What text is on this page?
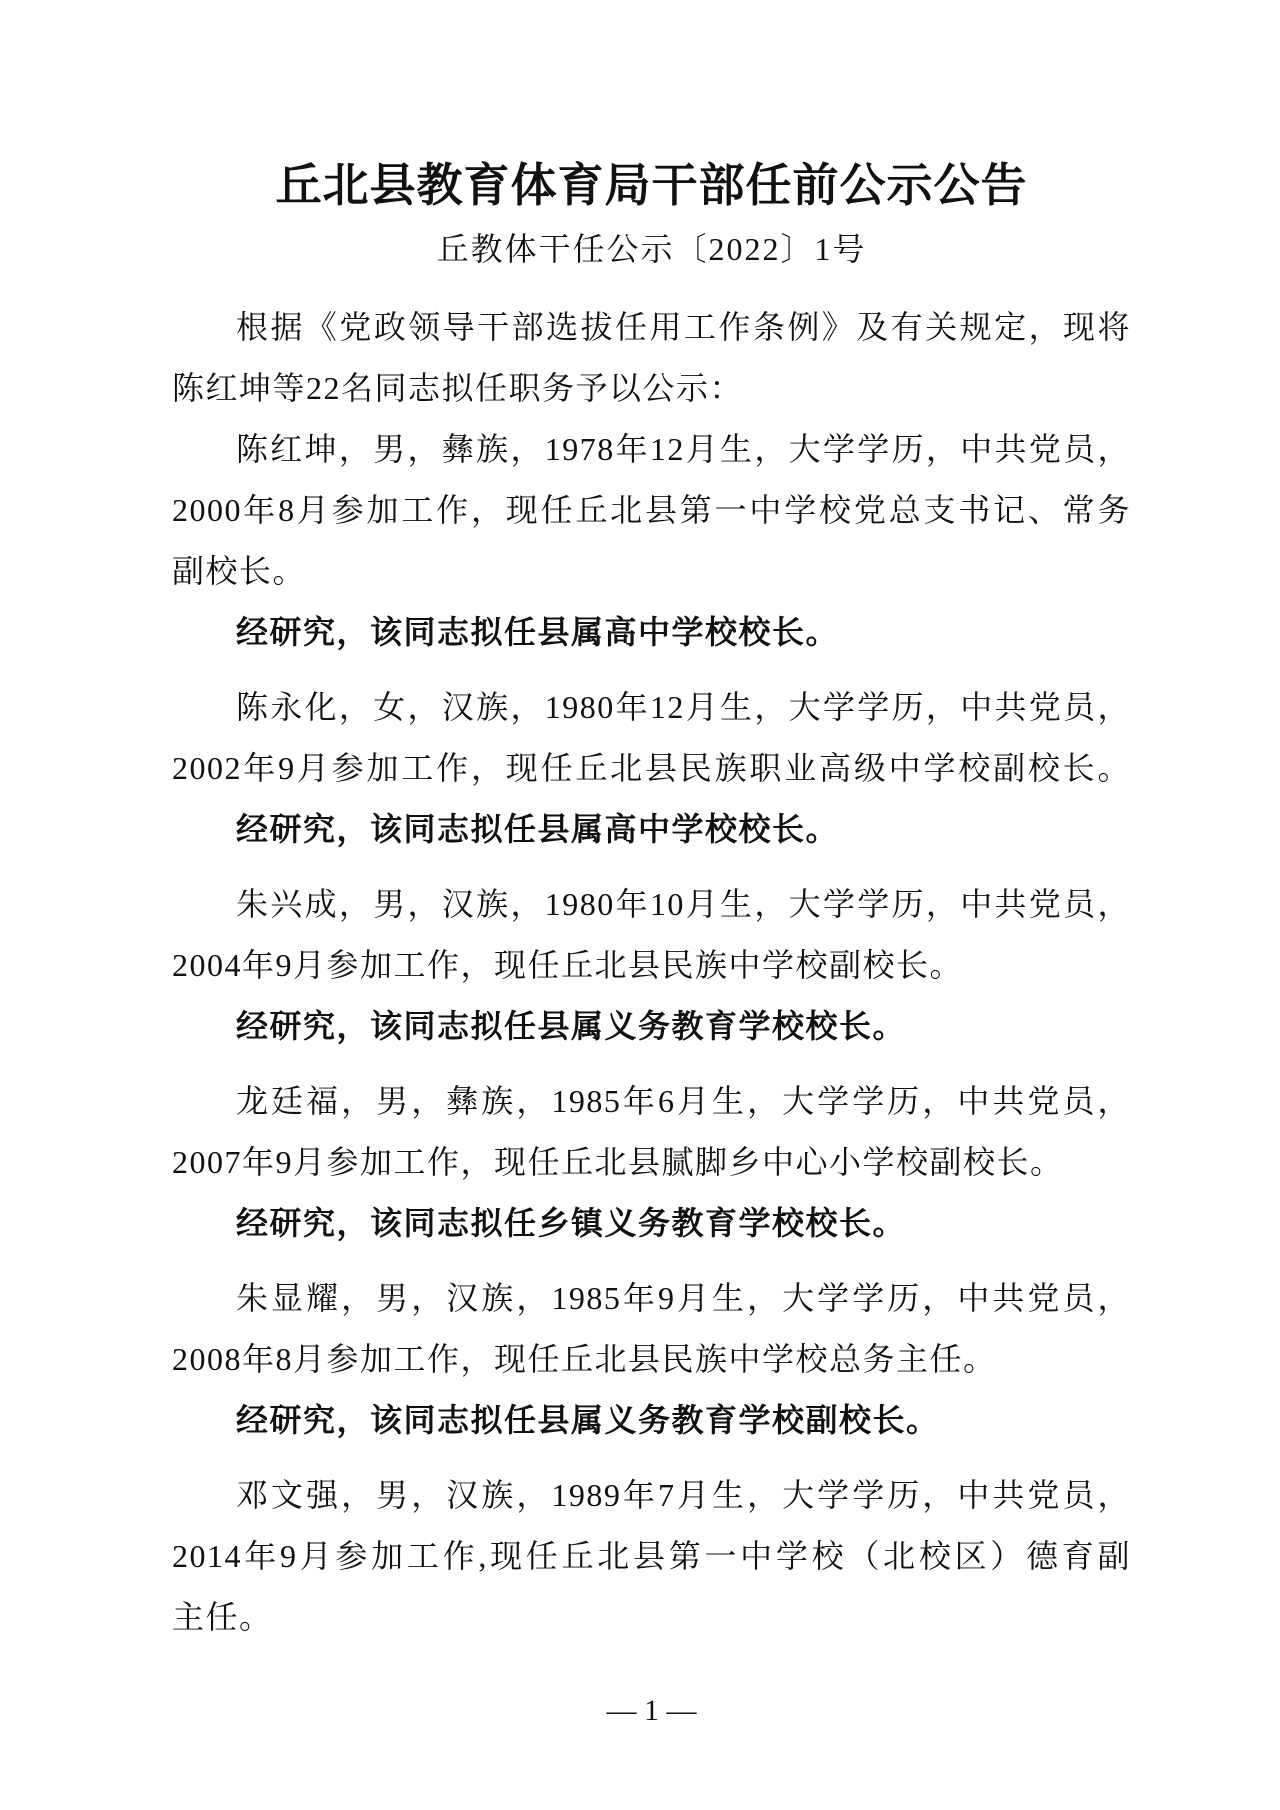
丘北县教育体育局干部任前公示公告
丘教体干任公示〔2022〕1号
根据《党政领导干部选拔任用工作条例》及有关规定，现将
陈红坤等22名同志拟任职务予以公示：
陈红坤，男，彝族，1978年12月生，大学学历，中共党员，
2000年8月参加工作，现任丘北县第一中学校党总支书记、常务
副校长。
经研究，该同志拟任县属高中学校校长。
陈永化，女，汉族，1980年12月生，大学学历，中共党员，
2002年9月参加工作，现任丘北县民族职业高级中学校副校长。
经研究，该同志拟任县属高中学校校长。
朱兴成，男，汉族，1980年10月生，大学学历，中共党员，
2004年9月参加工作，现任丘北县民族中学校副校长。
经研究，该同志拟任县属义务教育学校校长。
龙廷福，男，彝族，1985年6月生，大学学历，中共党员，
2007年9月参加工作，现任丘北县腻脚乡中心小学校副校长。
经研究，该同志拟任乡镇义务教育学校校长。
朱显耀，男，汉族，1985年9月生，大学学历，中共党员，
2008年8月参加工作，现任丘北县民族中学校总务主任。
经研究，该同志拟任县属义务教育学校副校长。
邓文强，男，汉族，1989年7月生，大学学历，中共党员，
2014年9月参加工作,现任丘北县第一中学校（北校区）德育副
主任。
— 1 —
